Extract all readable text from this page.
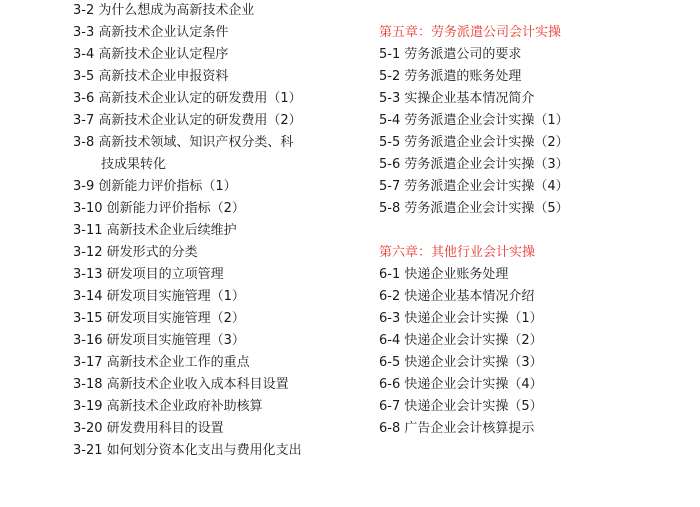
3-2 为什么想成为高新技术企业
3-3 高新技术企业认定条件
3-4 高新技术企业认定程序
3-5 高新技术企业申报资料
3-6 高新技术企业认定的研发费用（1）
3-7 高新技术企业认定的研发费用（2）
3-8 高新技术领域、知识产权分类、科
技成果转化
3-9 创新能力评价指标（1）
3-10 创新能力评价指标（2）
3-11 高新技术企业后续维护
3-12 研发形式的分类
3-13 研发项目的立项管理
3-14 研发项目实施管理（1）
3-15 研发项目实施管理（2）
3-16 研发项目实施管理（3）
3-17 高新技术企业工作的重点
3-18 高新技术企业收入成本科目设置
3-19 高新技术企业政府补助核算
3-20 研发费用科目的设置
3-21 如何划分资本化支出与费用化支出
第五章：劳务派遣公司会计实操
5-1 劳务派遣公司的要求
5-2 劳务派遣的账务处理
5-3 实操企业基本情况简介
5-4 劳务派遣企业会计实操（1）
5-5 劳务派遣企业会计实操（2）
5-6 劳务派遣企业会计实操（3）
5-7 劳务派遣企业会计实操（4）
5-8 劳务派遣企业会计实操（5）
第六章：其他行业会计实操
6-1 快递企业账务处理
6-2 快递企业基本情况介绍
6-3 快递企业会计实操（1）
6-4 快递企业会计实操（2）
6-5 快递企业会计实操（3）
6-6 快递企业会计实操（4）
6-7 快递企业会计实操（5）
6-8 广告企业会计核算提示
